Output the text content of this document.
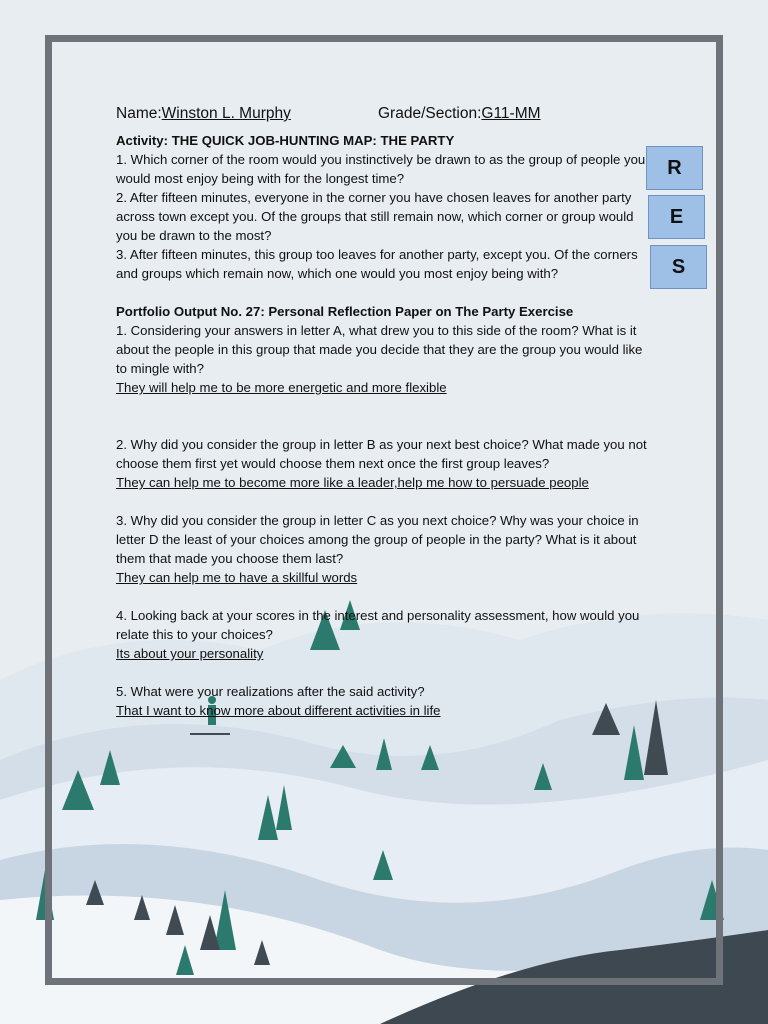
Name:Winston L. Murphy	Grade/Section:G11-MM

Activity: THE QUICK JOB-HUNTING MAP: THE PARTY

1. Which corner of the room would you instinctively be drawn to as the group of people you would most enjoy being with for the longest time?

2. After fifteen minutes, everyone in the corner you have chosen leaves for another party across town except you. Of the groups that still remain now, which corner or group would you be drawn to the most?

3. After fifteen minutes, this group too leaves for another party, except you. Of the corners and groups which remain now, which one would you most enjoy being with?

Portfolio Output No. 27: Personal Reflection Paper on The Party Exercise

1. Considering your answers in letter A, what drew you to this side of the room? What is it about the people in this group that made you decide that they are the group you would like to mingle with?

They will help me to be more energetic and more flexible

2. Why did you consider the group in letter B as your next best choice? What made you not choose them first yet would choose them next once the first group leaves?

They can help me to become more like a leader,help me how to persuade people

3. Why did you consider the group in letter C as you next choice? Why was your choice in letter D the least of your choices among the group of people in the party? What is it about them that made you choose them last?

They can help me to have a skillful words

4. Looking back at your scores in the interest and personality assessment, how would you relate this to your choices?

Its about your personality

5. What were your realizations after the said activity?

That I want to know more about different activities in life

R
E
S
